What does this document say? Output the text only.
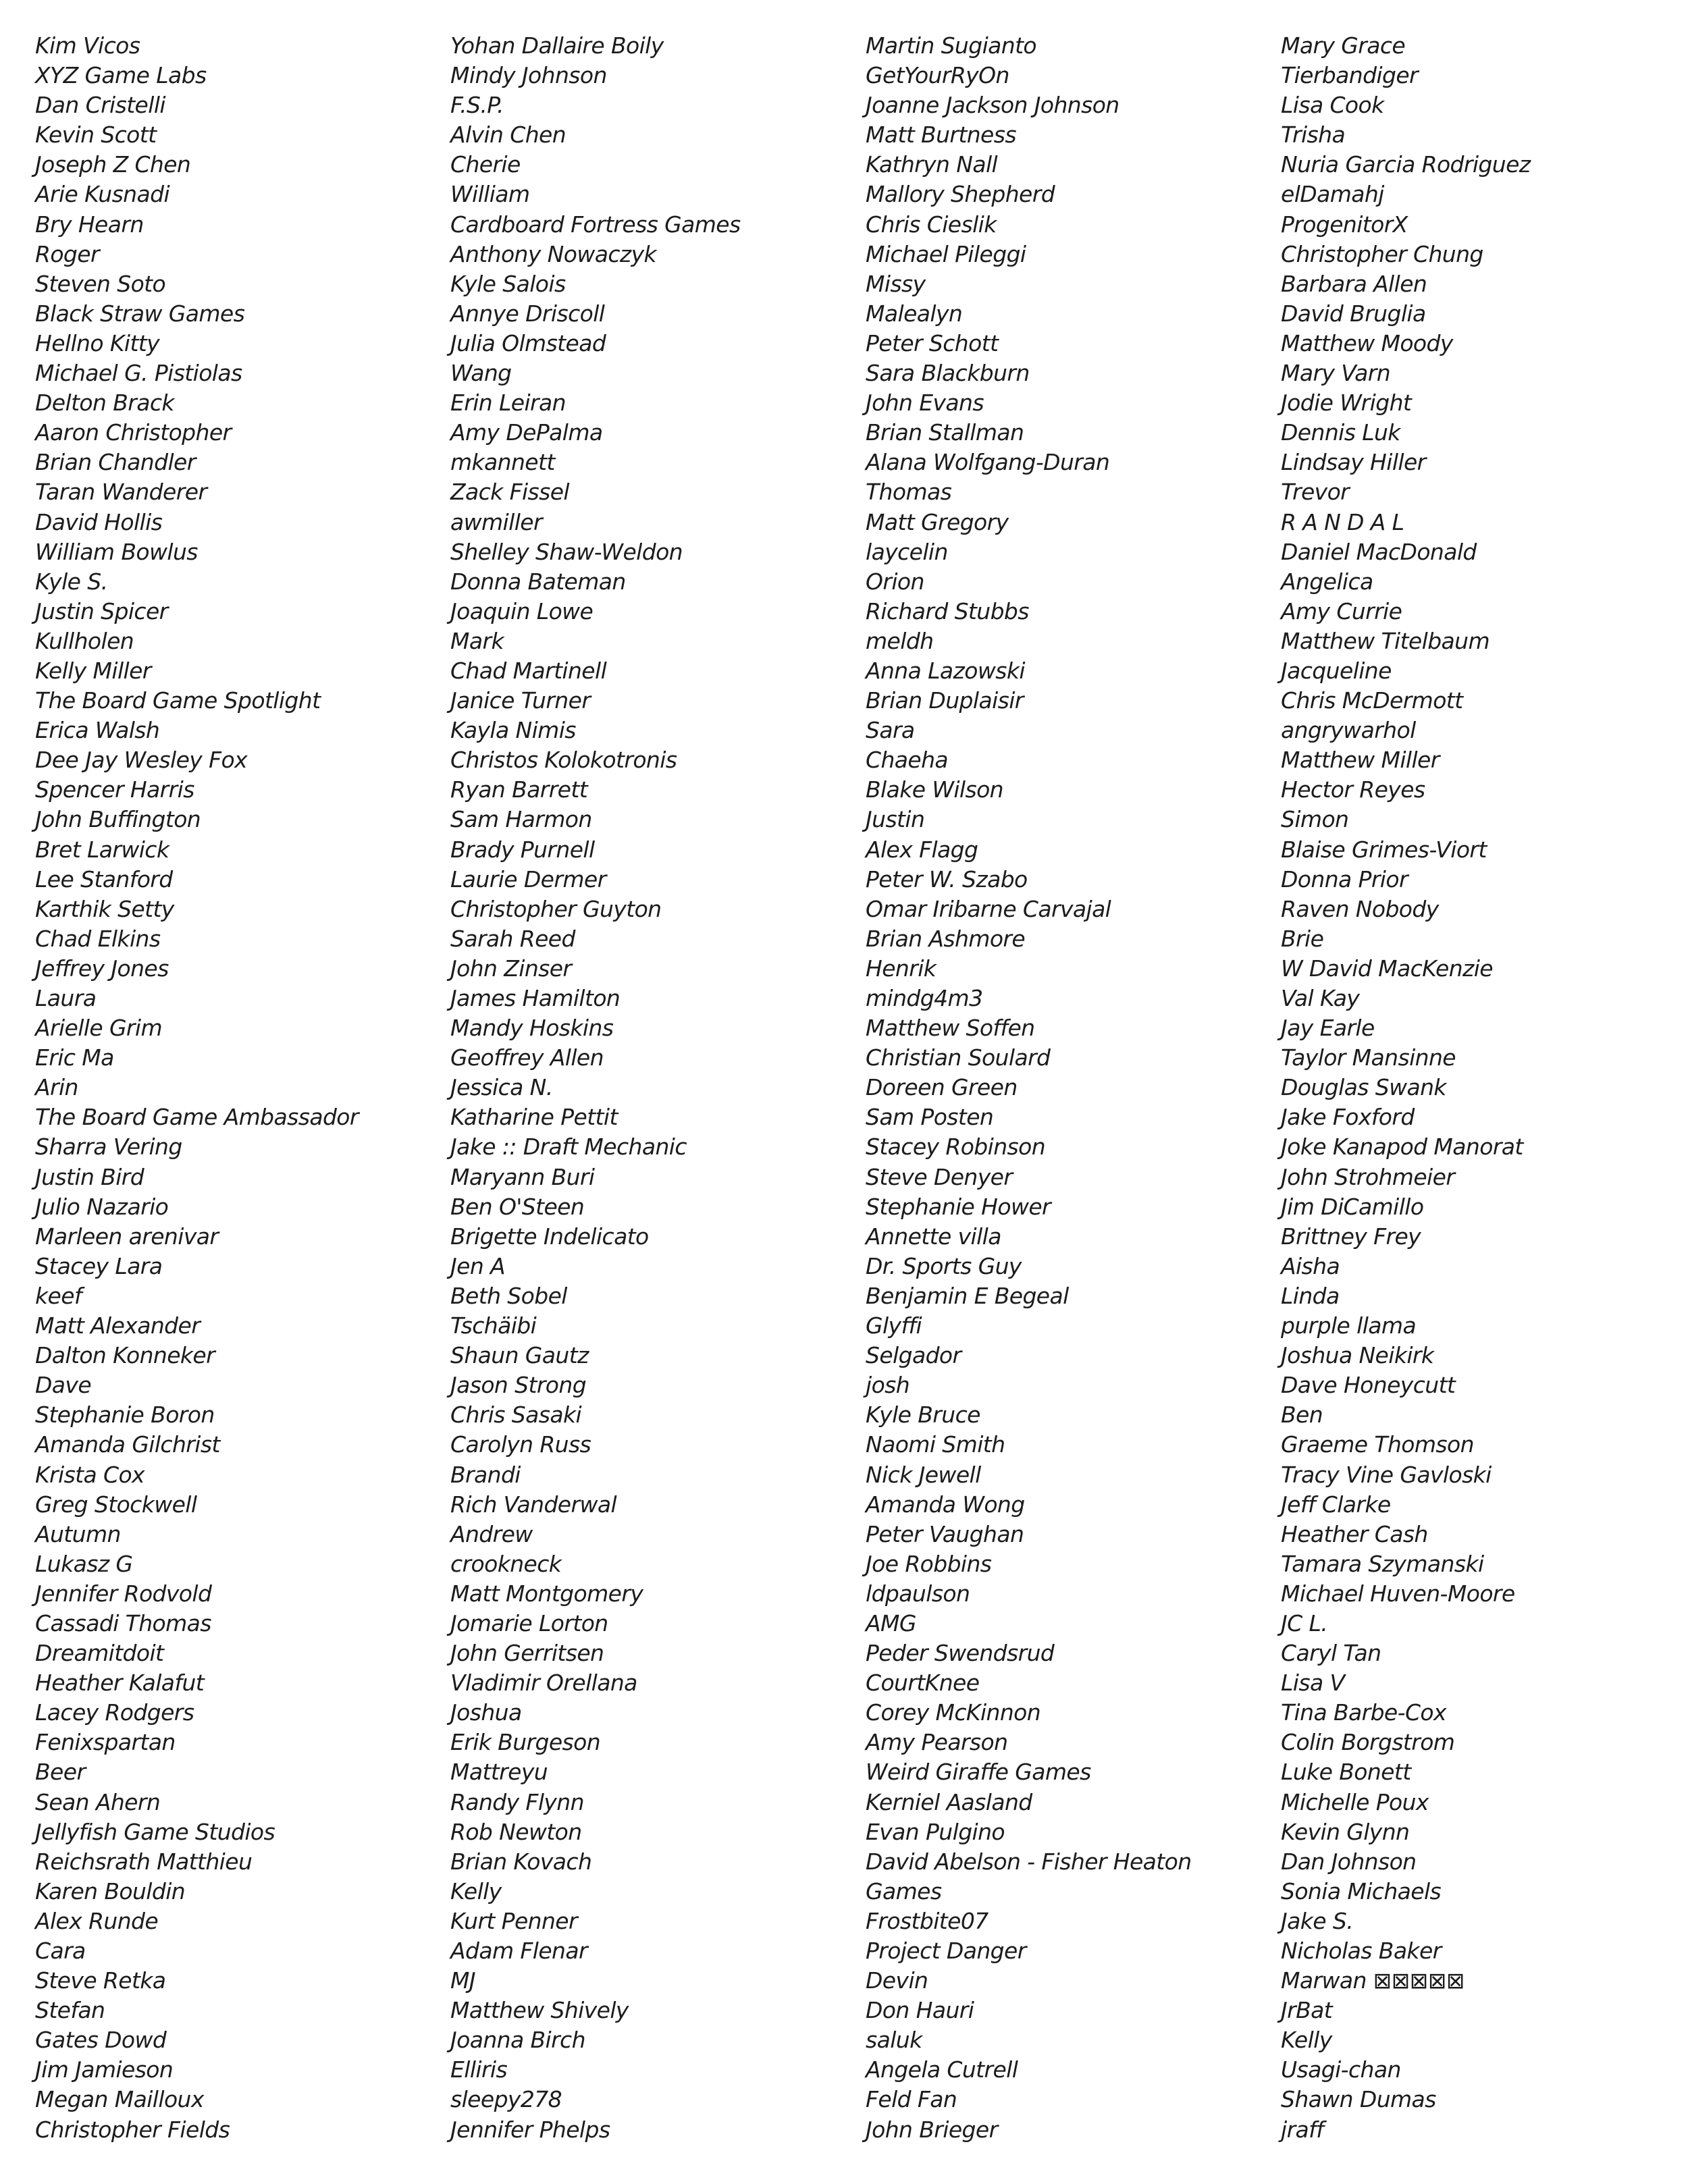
Kim Vicos
XYZ Game Labs
Dan Cristelli
Kevin Scott
Joseph Z Chen
Arie Kusnadi
Bry Hearn
Roger
Steven Soto
Black Straw Games
Hellno Kitty
Michael G. Pistiolas
Delton Brack
Aaron Christopher
Brian Chandler
Taran Wanderer
David Hollis
William Bowlus
Kyle S.
Justin Spicer
Kullholen
Kelly Miller
The Board Game Spotlight
Erica Walsh
Dee Jay Wesley Fox
Spencer Harris
John Buffington
Bret Larwick
Lee Stanford
Karthik Setty
Chad Elkins
Jeffrey Jones
Laura
Arielle Grim
Eric Ma
Arin
The Board Game Ambassador
Sharra Vering
Justin Bird
Julio Nazario
Marleen arenivar
Stacey Lara
keef
Matt Alexander
Dalton Konneker
Dave
Stephanie Boron
Amanda Gilchrist
Krista Cox
Greg Stockwell
Autumn
Lukasz G
Jennifer Rodvold
Cassadi Thomas
Dreamitdoit
Heather Kalafut
Lacey Rodgers
Fenixspartan
Beer
Sean Ahern
Jellyfish Game Studios
Reichsrath Matthieu
Karen Bouldin
Alex Runde
Cara
Steve Retka
Stefan
Gates Dowd
Jim Jamieson
Megan Mailloux
Christopher Fields
Yohan Dallaire Boily
Mindy Johnson
F.S.P.
Alvin Chen
Cherie
William
Cardboard Fortress Games
Anthony Nowaczyk
Kyle Salois
Annye Driscoll
Julia Olmstead
Wang
Erin Leiran
Amy DePalma
mkannett
Zack Fissel
awmiller
Shelley Shaw-Weldon
Donna Bateman
Joaquin Lowe
Mark
Chad Martinell
Janice Turner
Kayla Nimis
Christos Kolokotronis
Ryan Barrett
Sam Harmon
Brady Purnell
Laurie Dermer
Christopher Guyton
Sarah Reed
John Zinser
James Hamilton
Mandy Hoskins
Geoffrey Allen
Jessica N.
Katharine Pettit
Jake :: Draft Mechanic
Maryann Buri
Ben O'Steen
Brigette Indelicato
Jen A
Beth Sobel
Tschäibi
Shaun Gautz
Jason Strong
Chris Sasaki
Carolyn Russ
Brandi
Rich Vanderwal
Andrew
crookneck
Matt Montgomery
Jomarie Lorton
John Gerritsen
Vladimir Orellana
Joshua
Erik Burgeson
Mattreyu
Randy Flynn
Rob Newton
Brian Kovach
Kelly
Kurt Penner
Adam Flenar
MJ
Matthew Shively
Joanna Birch
Elliris
sleepy278
Jennifer Phelps
Martin Sugianto
GetYourRyOn
Joanne Jackson Johnson
Matt Burtness
Kathryn Nall
Mallory Shepherd
Chris Cieslik
Michael Pileggi
Missy
Malealyn
Peter Schott
Sara Blackburn
John Evans
Brian Stallman
Alana Wolfgang-Duran
Thomas
Matt Gregory
laycelin
Orion
Richard Stubbs
meldh
Anna Lazowski
Brian Duplaisir
Sara
Chaeha
Blake Wilson
Justin
Alex Flagg
Peter W. Szabo
Omar Iribarne Carvajal
Brian Ashmore
Henrik
mindg4m3
Matthew Soffen
Christian Soulard
Doreen Green
Sam Posten
Stacey Robinson
Steve Denyer
Stephanie Hower
Annette villa
Dr. Sports Guy
Benjamin E Begeal
Glyffi
Selgador
josh
Kyle Bruce
Naomi Smith
Nick Jewell
Amanda Wong
Peter Vaughan
Joe Robbins
ldpaulson
AMG
Peder Swendsrud
CourtKnee
Corey McKinnon
Amy Pearson
Weird Giraffe Games
Kerniel Aasland
Evan Pulgino
David Abelson - Fisher Heaton
Games
Frostbite07
Project Danger
Devin
Don Hauri
saluk
Angela Cutrell
Feld Fan
John Brieger
Mary Grace
Tierbandiger
Lisa Cook
Trisha
Nuria Garcia Rodriguez
elDamahj
ProgenitorX
Christopher Chung
Barbara Allen
David Bruglia
Matthew Moody
Mary Varn
Jodie Wright
Dennis Luk
Lindsay Hiller
Trevor
R A N D A L
Daniel MacDonald
Angelica
Amy Currie
Matthew Titelbaum
Jacqueline
Chris McDermott
angrywarhol
Matthew Miller
Hector Reyes
Simon
Blaise Grimes-Viort
Donna Prior
Raven Nobody
Brie
W David MacKenzie
Val Kay
Jay Earle
Taylor Mansinne
Douglas Swank
Jake Foxford
Joke Kanapod Manorat
John Strohmeier
Jim DiCamillo
Brittney Frey
Aisha
Linda
purple llama
Joshua Neikirk
Dave Honeycutt
Ben
Graeme Thomson
Tracy Vine Gavloski
Jeff Clarke
Heather Cash
Tamara Szymanski
Michael Huven-Moore
JC L.
Caryl Tan
Lisa V
Tina Barbe-Cox
Colin Borgstrom
Luke Bonett
Michelle Poux
Kevin Glynn
Dan Johnson
Sonia Michaels
Jake S.
Nicholas Baker
Marwan ⊠⊠⊠⊠⊠
JrBat
Kelly
Usagi-chan
Shawn Dumas
jraff
